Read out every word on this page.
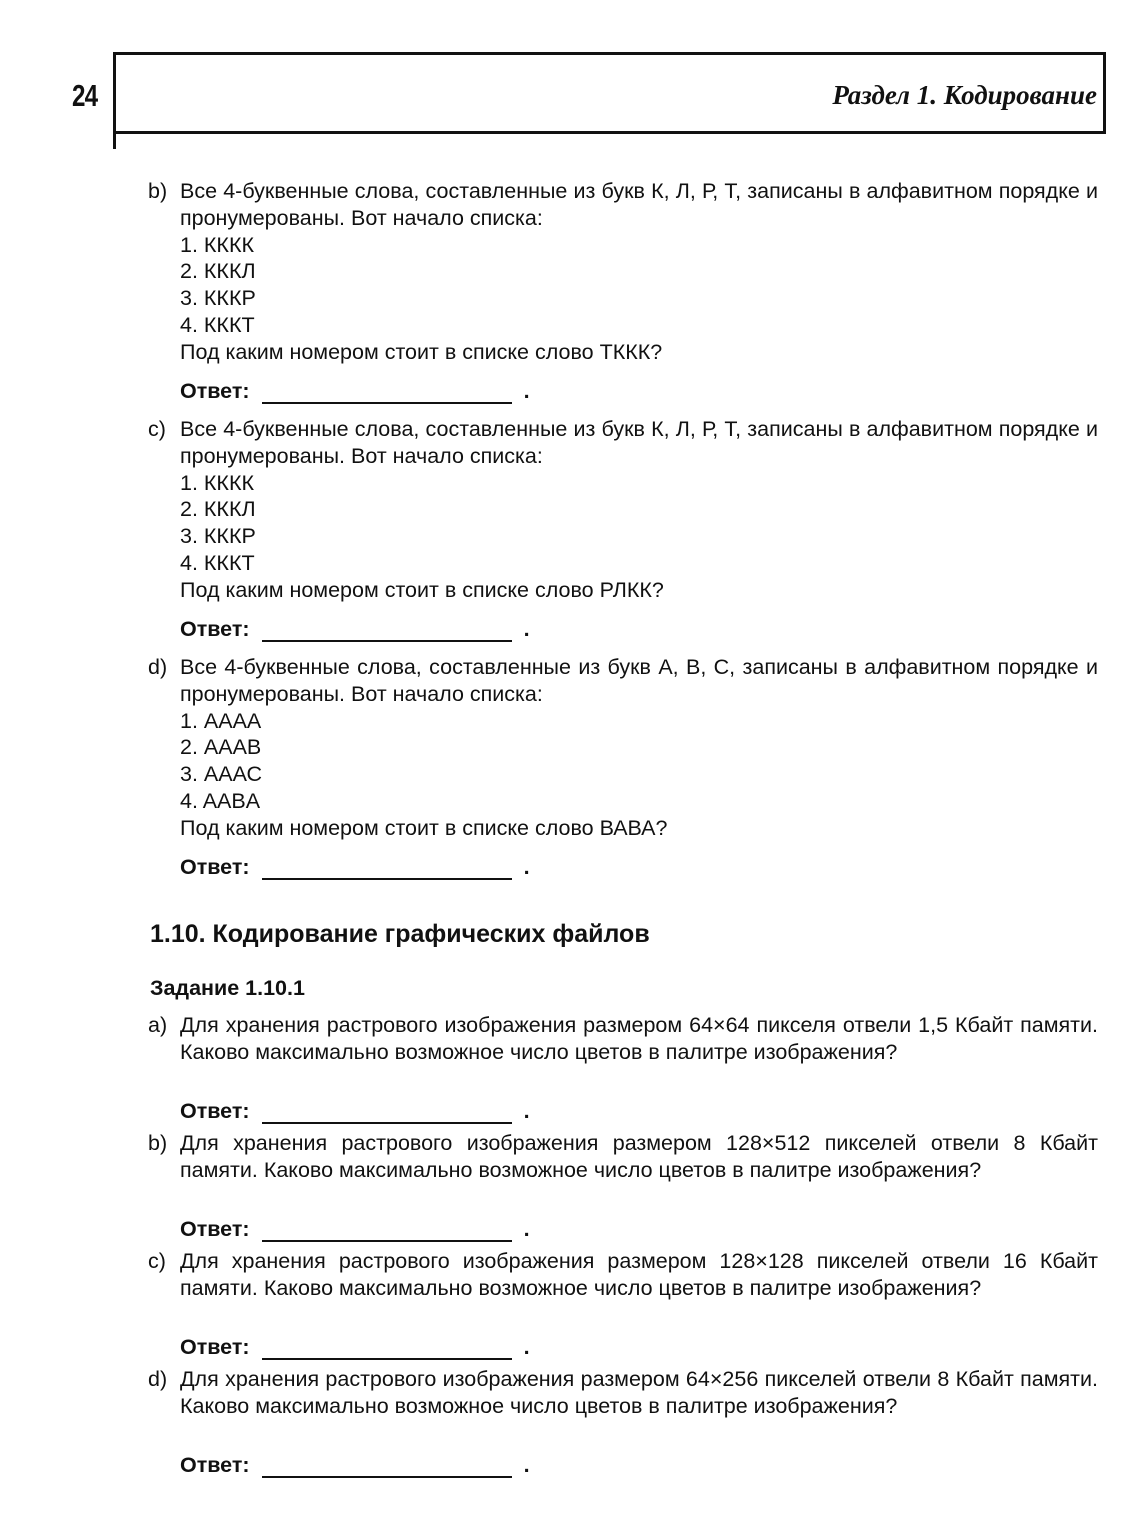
24	Раздел 1. Кодирование
b) Все 4-буквенные слова, составленные из букв К, Л, Р, Т, записаны в алфавитном порядке и пронумерованы. Вот начало списка:
1. КККК
2. КККЛ
3. КККР
4. КККТ
Под каким номером стоит в списке слово ТККК?
Ответ:	.
c) Все 4-буквенные слова, составленные из букв К, Л, Р, Т, записаны в алфавитном порядке и пронумерованы. Вот начало списка:
1. КККК
2. КККЛ
3. КККР
4. КККТ
Под каким номером стоит в списке слово РЛКК?
Ответ:	.
d) Все 4-буквенные слова, составленные из букв А, В, С, записаны в алфавитном порядке и пронумерованы. Вот начало списка:
1. АААА
2. АААВ
3. АААС
4. AABA
Под каким номером стоит в списке слово ВАВА?
Ответ:	.
1.10. Кодирование графических файлов
Задание 1.10.1
a) Для хранения растрового изображения размером 64×64 пикселя отвели 1,5 Кбайт памяти. Каково максимально возможное число цветов в палитре изображения?
Ответ:	.
b) Для хранения растрового изображения размером 128×512 пикселей отвели 8 Кбайт памяти. Каково максимально возможное число цветов в палитре изображения?
Ответ:	.
c) Для хранения растрового изображения размером 128×128 пикселей отвели 16 Кбайт памяти. Каково максимально возможное число цветов в палитре изображения?
Ответ:	.
d) Для хранения растрового изображения размером 64×256 пикселей отвели 8 Кбайт памяти. Каково максимально возможное число цветов в палитре изображения?
Ответ:	.
